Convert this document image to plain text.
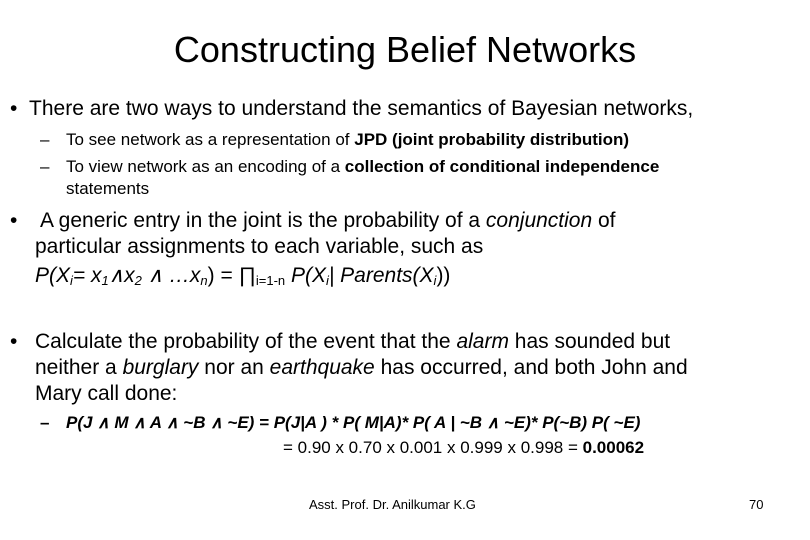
Constructing Belief Networks
• There are two ways to understand the semantics of Bayesian networks,
– To see network as a representation of JPD (joint probability distribution)
– To view network as an encoding of a collection of conditional independence
statements
• A generic entry in the joint is the probability of a conjunction of
particular assignments to each variable, such as
$P(X_i=$ $x_1\wedge x_2$ ∧ $\dots x_n$) = $\prod_{i=1-n}$ $P(X_i|$ $Parents(X_i)$)
• Calculate the probability of the event that the alarm has sounded but
neither a burglary nor an earthquake has occurred, and both John and
Mary call done:
– P(J ∧ M ∧ A ∧ ~B ∧ ~E) = P(J|A ) * P( M|A)* P( A | ~B ∧ ~E)* P(~B) P( ~E)
= 0.90 x 0.70 x 0.001 x 0.999 x 0.998 = 0.00062
Asst. Prof. Dr. Anilkumar K.G	70
